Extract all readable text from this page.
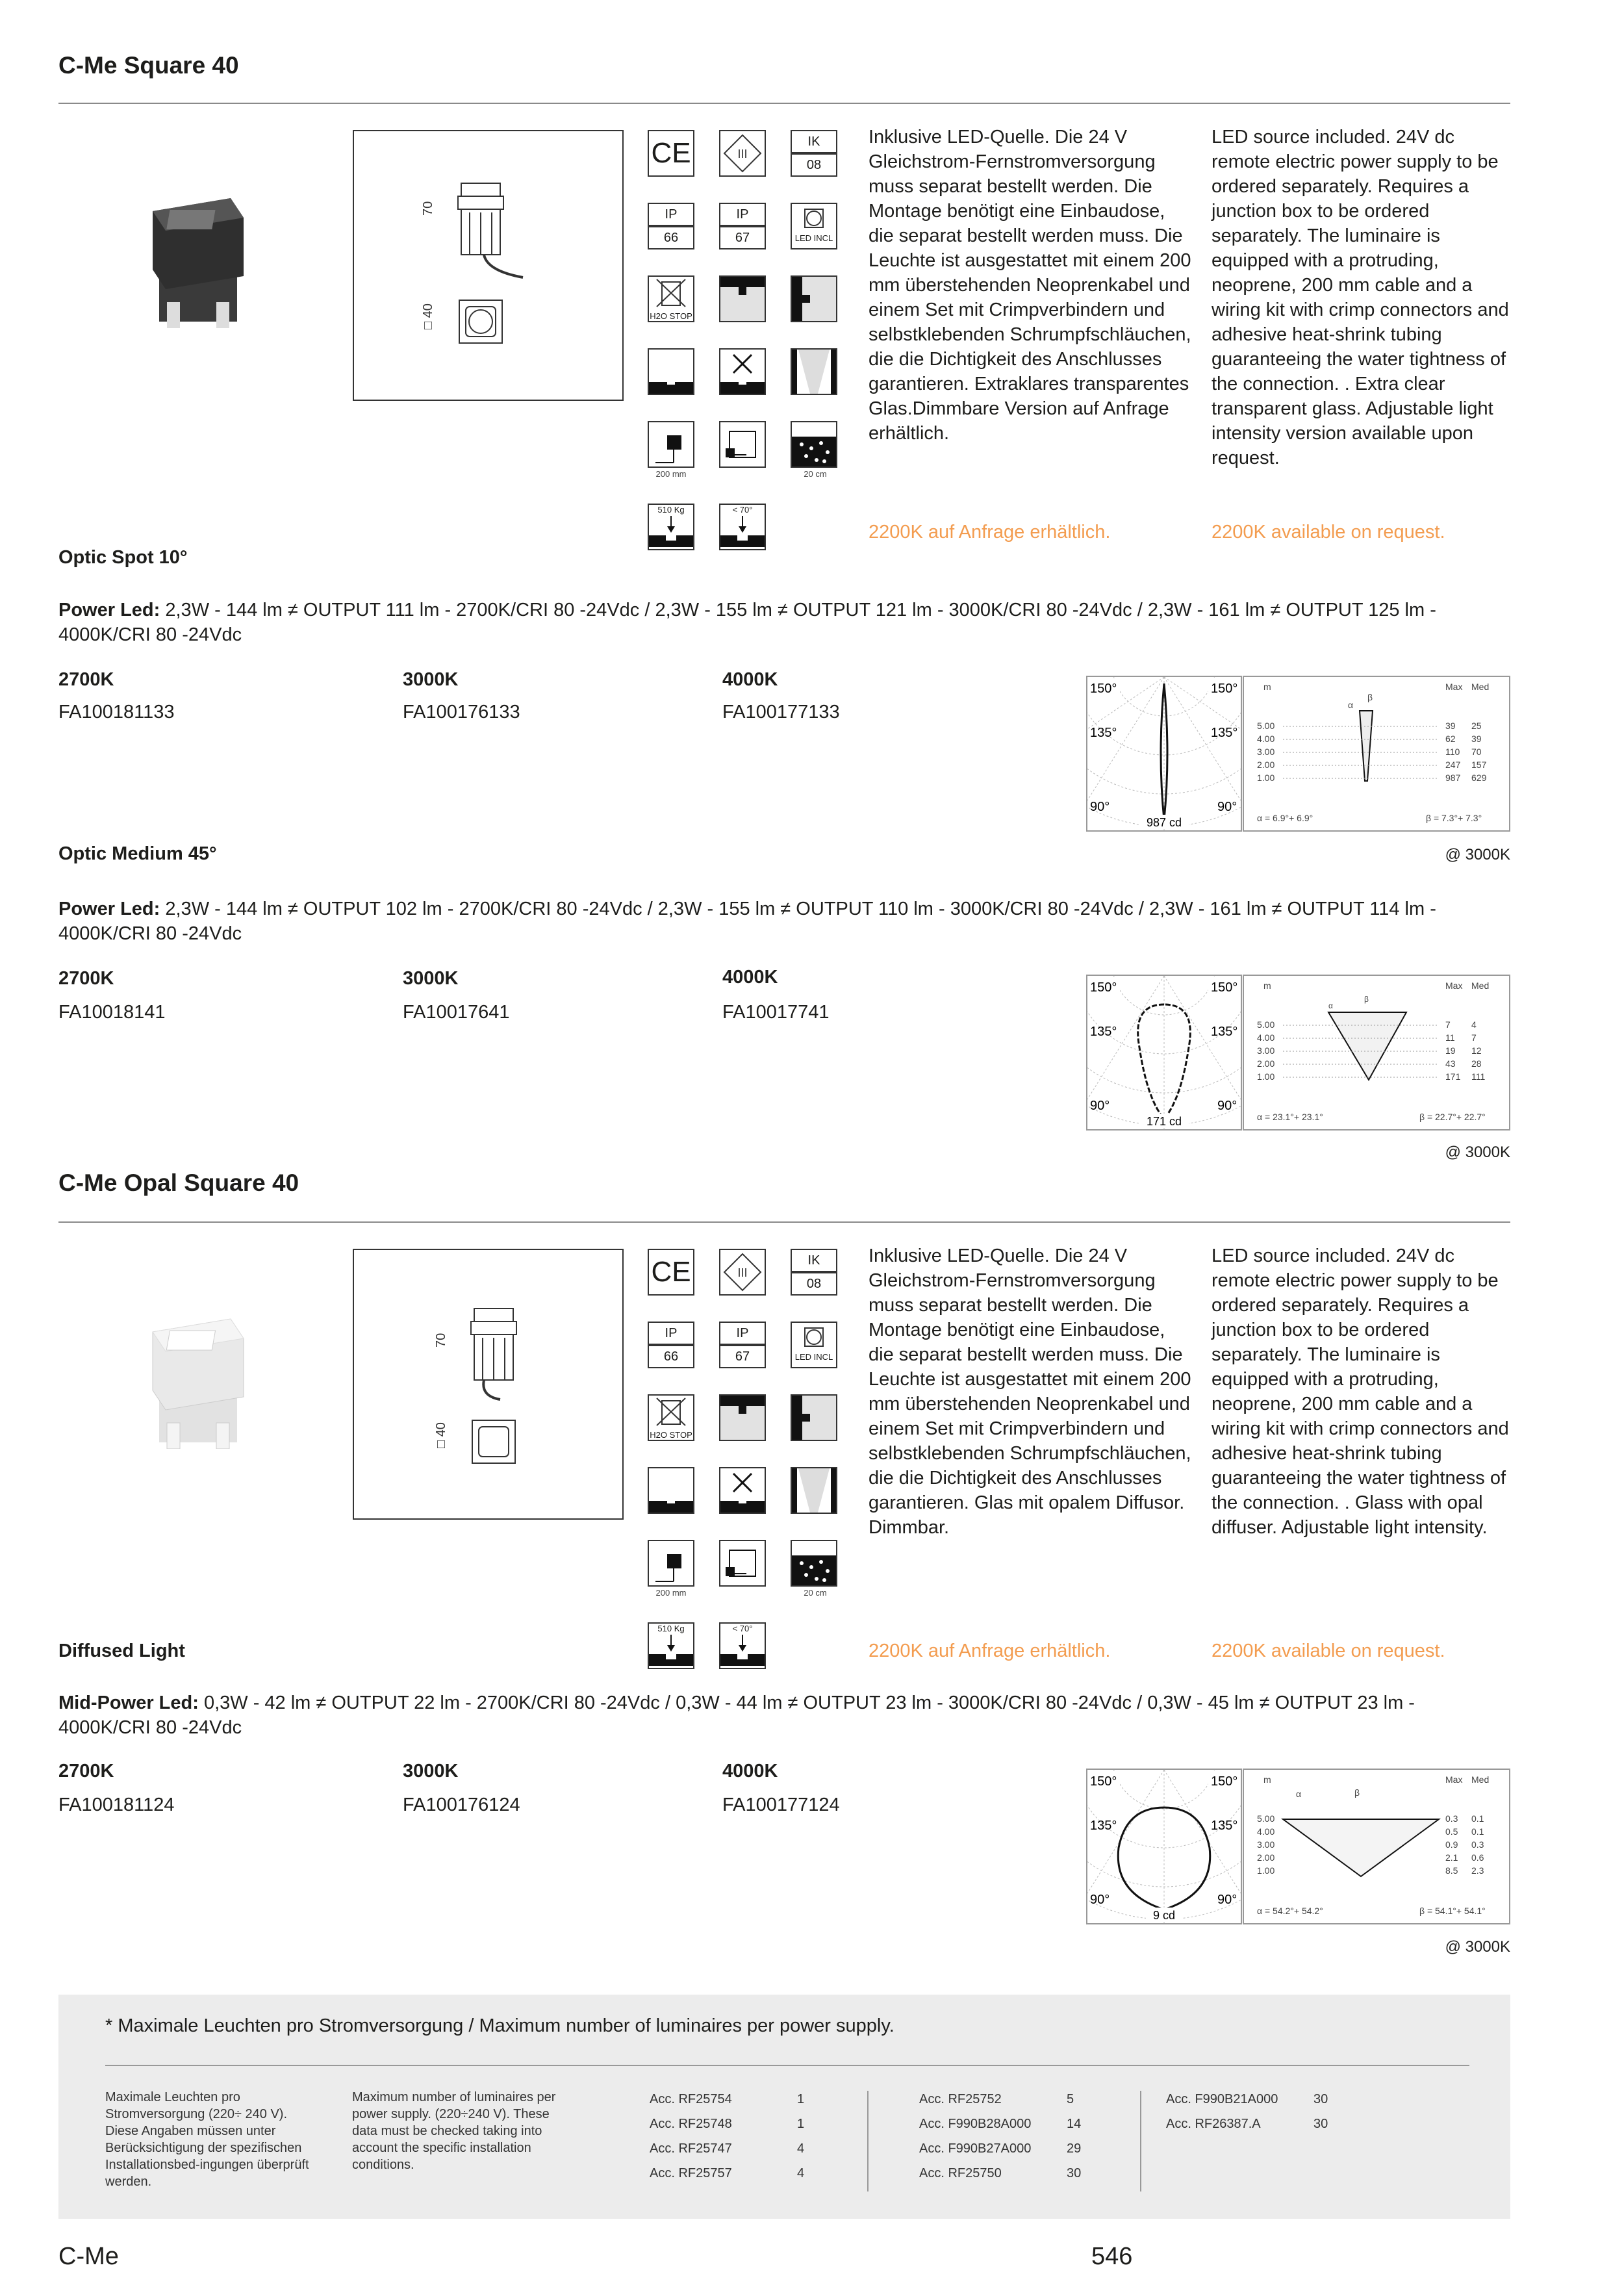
C-Me Square 40
70
□ 40
CE	III
IK
08
IP
66
IP
67	LED INCL
H2O STOP
200 mm	20 cm
510 Kg	< 70°
Inklusive LED-Quelle. Die 24 V Gleichstrom-Fernstromversorgung muss separat bestellt werden. Die Montage benötigt eine Einbaudose, die separat bestellt werden muss. Die Leuchte ist ausgestattet mit einem 200 mm überstehenden Neoprenkabel und einem Set mit Crimpverbindern und selbstklebenden Schrumpfschläuchen, die die Dichtigkeit des Anschlusses garantieren. Extraklares transparentes Glas.Dimmbare Version auf Anfrage erhältlich.
LED source included. 24V dc remote electric power supply to be ordered separately. Requires a junction box to be ordered separately. The luminaire is equipped with a protruding, neoprene, 200 mm cable and a wiring kit with crimp connectors and adhesive heat-shrink tubing guaranteeing the water tightness of the connection. . Extra clear transparent glass. Adjustable light intensity version available upon request.
2200K auf Anfrage erhältlich.	2200K available on request.
Optic Spot 10°
Power Led: 2,3W - 144 lm ≠ OUTPUT 111 lm - 2700K/CRI 80 -24Vdc / 2,3W - 155 lm ≠ OUTPUT 121 lm - 3000K/CRI 80 -24Vdc / 2,3W - 161 lm ≠ OUTPUT 125 lm - 4000K/CRI 80 -24Vdc
2700K
FA100181133
3000K
FA100176133
4000K
FA100177133
150°	150°
135°	135°
90°	90°
987 cd
m	Max Med
α
β
5.00	39 25
4.00	62 39
3.00	110 70
2.00	247 157
1.00	987 629
α = 6.9°+ 6.9°	β = 7.3°+ 7.3°
Optic Medium 45°	@ 3000K
Power Led: 2,3W - 144 lm ≠ OUTPUT 102 lm - 2700K/CRI 80 -24Vdc / 2,3W - 155 lm ≠ OUTPUT 110 lm - 3000K/CRI 80 -24Vdc / 2,3W - 161 lm ≠ OUTPUT 114 lm - 4000K/CRI 80 -24Vdc
2700K
FA10018141
3000K
FA10017641
4000K
FA10017741
150°	150°
135°	135°
90°	90°
171 cd
m	Max Med
α
β
5.00	7 4
4.00	11 7
3.00	19 12
2.00	43 28
1.00	171 111
α = 23.1°+ 23.1°	β = 22.7°+ 22.7°
@ 3000K
C-Me Opal Square 40
70
□ 40
CE	III
IK
08
IP
66
IP
67	LED INCL
H2O STOP
200 mm	20 cm
510 Kg	< 70°
Inklusive LED-Quelle. Die 24 V Gleichstrom-Fernstromversorgung muss separat bestellt werden. Die Montage benötigt eine Einbaudose, die separat bestellt werden muss. Die Leuchte ist ausgestattet mit einem 200 mm überstehenden Neoprenkabel und einem Set mit Crimpverbindern und selbstklebenden Schrumpfschläuchen, die die Dichtigkeit des Anschlusses garantieren. Glas mit opalem Diffusor. Dimmbar.
LED source included. 24V dc remote electric power supply to be ordered separately. Requires a junction box to be ordered separately. The luminaire is equipped with a protruding, neoprene, 200 mm cable and a wiring kit with crimp connectors and adhesive heat-shrink tubing guaranteeing the water tightness of the connection. . Glass with opal diffuser. Adjustable light intensity.
2200K auf Anfrage erhältlich.	2200K available on request.
Diffused Light
Mid-Power Led: 0,3W - 42 lm ≠ OUTPUT 22 lm - 2700K/CRI 80 -24Vdc / 0,3W - 44 lm ≠ OUTPUT 23 lm - 3000K/CRI 80 -24Vdc / 0,3W - 45 lm ≠ OUTPUT 23 lm - 4000K/CRI 80 -24Vdc
2700K
FA100181124
3000K
FA100176124
4000K
FA100177124
150°	150°
135°	135°
90°	90°
9 cd
m	Max Med
α	β
5.00	0.3 0.1
4.00	0.5 0.1
3.00	0.9 0.3
2.00	2.1 0.6
1.00	8.5 2.3
α = 54.2°+ 54.2°	β = 54.1°+ 54.1°
@ 3000K
* Maximale Leuchten pro Stromversorgung / Maximum number of luminaires per power supply.
Maximale Leuchten pro Stromversorgung (220÷ 240 V). Diese Angaben müssen unter Berücksichtigung der spezifischen Installationsbed-ingungen überprüft werden.
Maximum number of luminaires per power supply. (220÷240 V). These data must be checked taking into account the specific installation conditions.
Acc. RF25754	1
Acc. RF25748	1
Acc. RF25747	4
Acc. RF25757	4
Acc. RF25752	5
Acc. F990B28A000	14
Acc. F990B27A000	29
Acc. RF25750	30
Acc. F990B21A000	30
Acc. RF26387.A	30
C-Me	546
